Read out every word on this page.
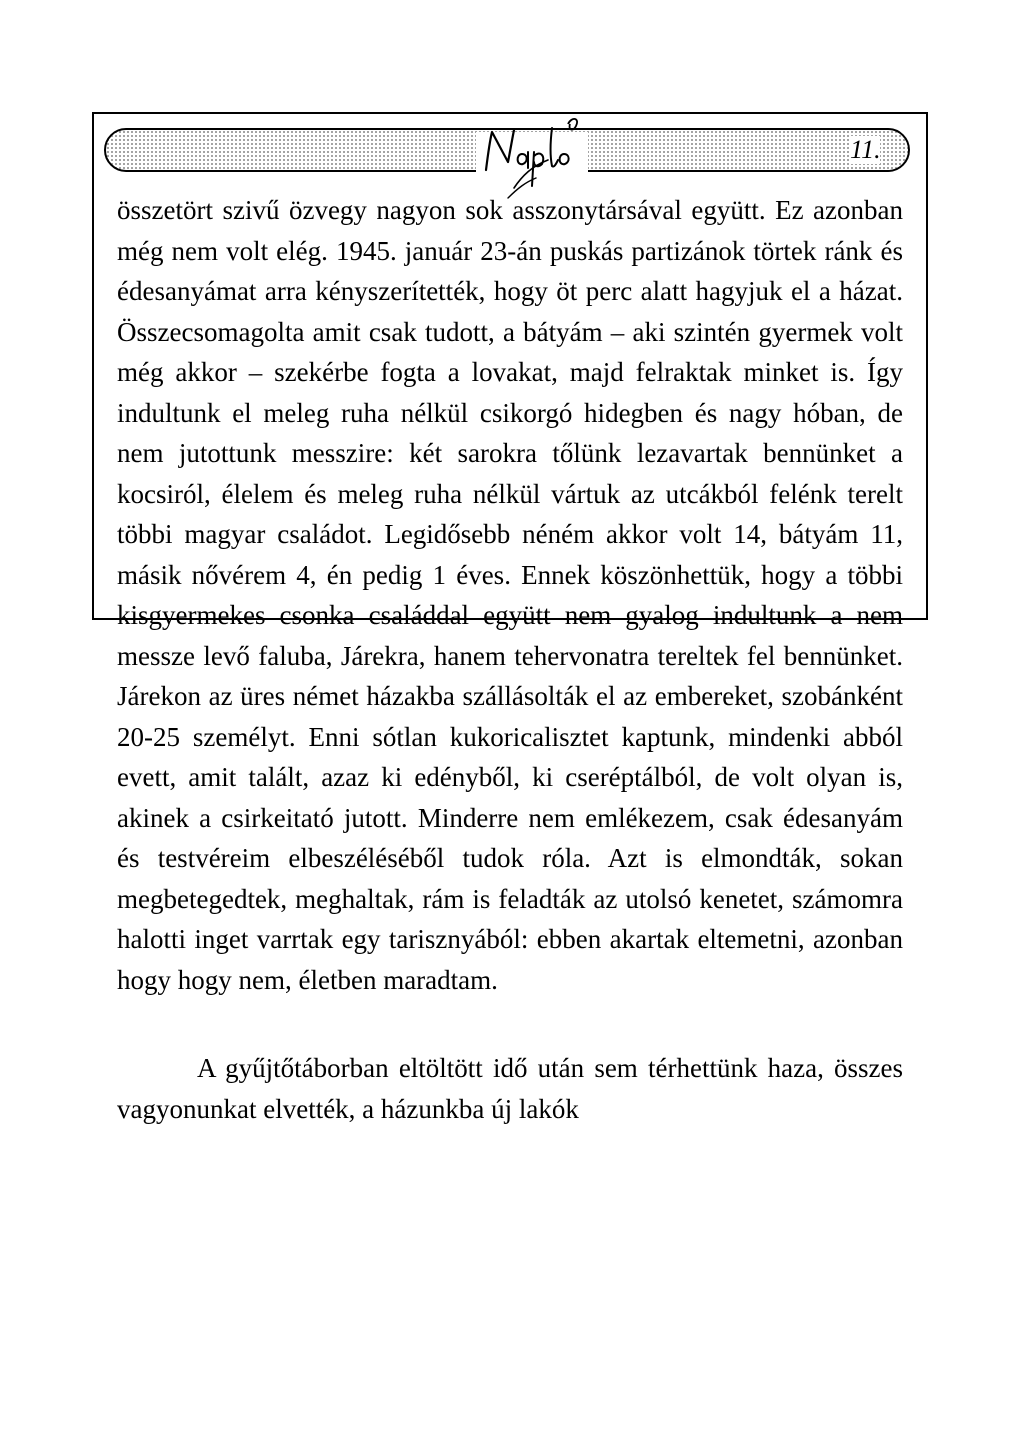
11.

összetört szivű özvegy nagyon sok asszonytársával együtt. Ez azonban még nem volt elég. 1945. január 23-án puskás partizánok törtek ránk és édesanyámat arra kényszerítették, hogy öt perc alatt hagyjuk el a házat. Összecsomagolta amit csak tudott, a bátyám – aki szintén gyermek volt még akkor – szekérbe fogta a lovakat, majd felraktak minket is. Így indultunk el meleg ruha nélkül csikorgó hidegben és nagy hóban, de nem jutottunk messzire: két sarokra tőlünk lezavartak bennünket a kocsiról, élelem és meleg ruha nélkül vártuk az utcákból felénk terelt többi magyar családot. Legidősebb néném akkor volt 14, bátyám 11, másik nővérem 4, én pedig 1 éves. Ennek köszönhettük, hogy a többi kisgyermekes csonka családdal együtt nem gyalog indultunk a nem messze levő faluba, Járekra, hanem tehervonatra tereltek fel bennünket. Járekon az üres német házakba szállásolták el az embereket, szobánként 20-25 személyt. Enni sótlan kukoricalisztet kaptunk, mindenki abból evett, amit talált, azaz ki edényből, ki cseréptálból, de volt olyan is, akinek a csirkeitató jutott. Minderre nem emlékezem, csak édesanyám és testvéreim elbeszéléséből tudok róla. Azt is elmondták, sokan megbetegedtek, meghaltak, rám is feladták az utolsó kenetet, számomra halotti inget varrtak egy tarisznyából: ebben akartak eltemetni, azonban hogy hogy nem, életben maradtam.

A gyűjtőtáborban eltöltött idő után sem térhettünk haza, összes vagyonunkat elvették, a házunkba új lakók
